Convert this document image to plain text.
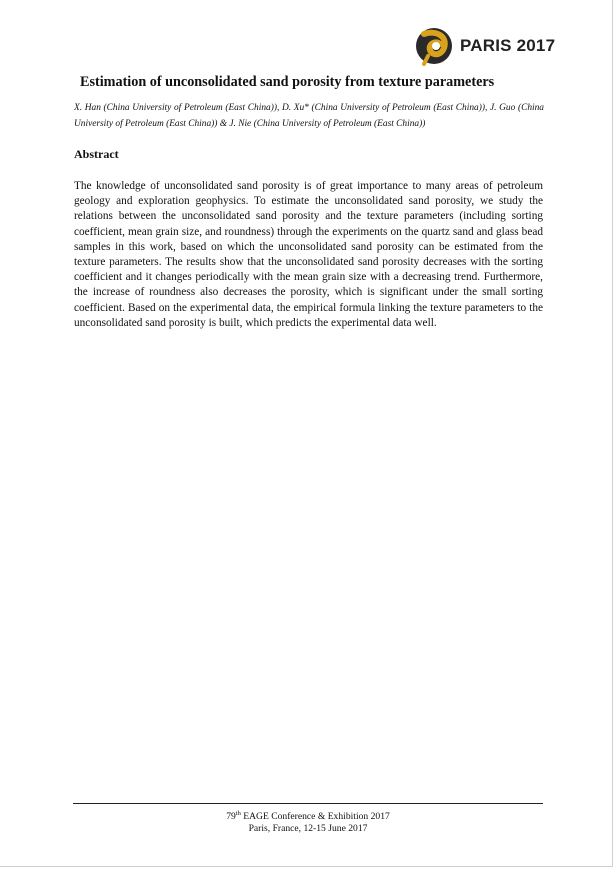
PARIS 2017
Estimation of unconsolidated sand porosity from texture parameters
X. Han (China University of Petroleum (East China)), D. Xu* (China University of Petroleum (East China)), J. Guo (China University of Petroleum (East China)) & J. Nie (China University of Petroleum (East China))
Abstract
The knowledge of unconsolidated sand porosity is of great importance to many areas of petroleum geology and exploration geophysics. To estimate the unconsolidated sand porosity, we study the relations between the unconsolidated sand porosity and the texture parameters (including sorting coefficient, mean grain size, and roundness) through the experiments on the quartz sand and glass bead samples in this work, based on which the unconsolidated sand porosity can be estimated from the texture parameters. The results show that the unconsolidated sand porosity decreases with the sorting coefficient and it changes periodically with the mean grain size with a decreasing trend. Furthermore, the increase of roundness also decreases the porosity, which is significant under the small sorting coefficient. Based on the experimental data, the empirical formula linking the texture parameters to the unconsolidated sand porosity is built, which predicts the experimental data well.
79th EAGE Conference & Exhibition 2017
Paris, France, 12-15 June 2017
